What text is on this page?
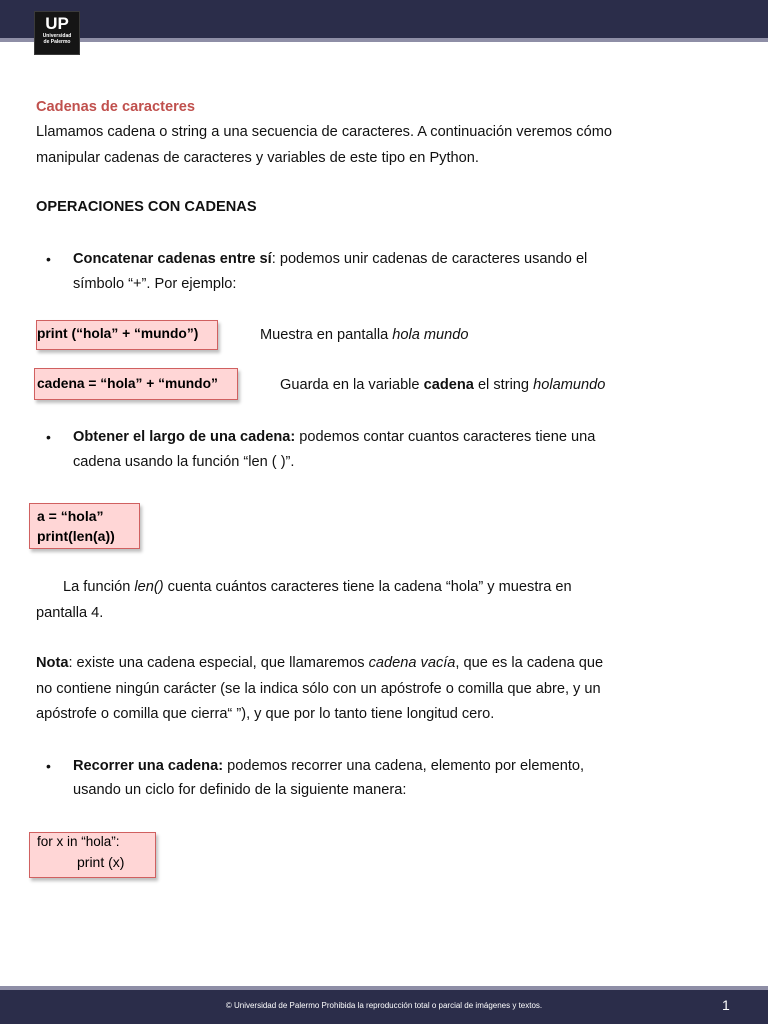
UP
Universidad
de Palermo
Cadenas de caracteres
Llamamos cadena o string a una secuencia de caracteres. A continuación veremos cómo
manipular cadenas de caracteres y variables de este tipo en Python.
OPERACIONES CON CADENAS
• Concatenar cadenas entre sí: podemos unir cadenas de caracteres usando el
símbolo “+”. Por ejemplo:
print (“hola” + “mundo”)	Muestra en pantalla hola mundo
cadena = “hola” + “mundo”	Guarda en la variable cadena el string holamundo
• Obtener el largo de una cadena: podemos contar cuantos caracteres tiene una
cadena usando la función “len ( )”.
a = “hola”
print(len(a))
La función len() cuenta cuántos caracteres tiene la cadena “hola” y muestra en
pantalla 4.
Nota: existe una cadena especial, que llamaremos cadena vacía, que es la cadena que
no contiene ningún carácter (se la indica sólo con un apóstrofe o comilla que abre, y un
apóstrofe o comilla que cierra“ ”), y que por lo tanto tiene longitud cero.
• Recorrer una cadena: podemos recorrer una cadena, elemento por elemento,
usando un ciclo for definido de la siguiente manera:
for x in “hola”:
print (x)
© Universidad de Palermo Prohibida la reproducción total o parcial de imágenes y textos.	1
